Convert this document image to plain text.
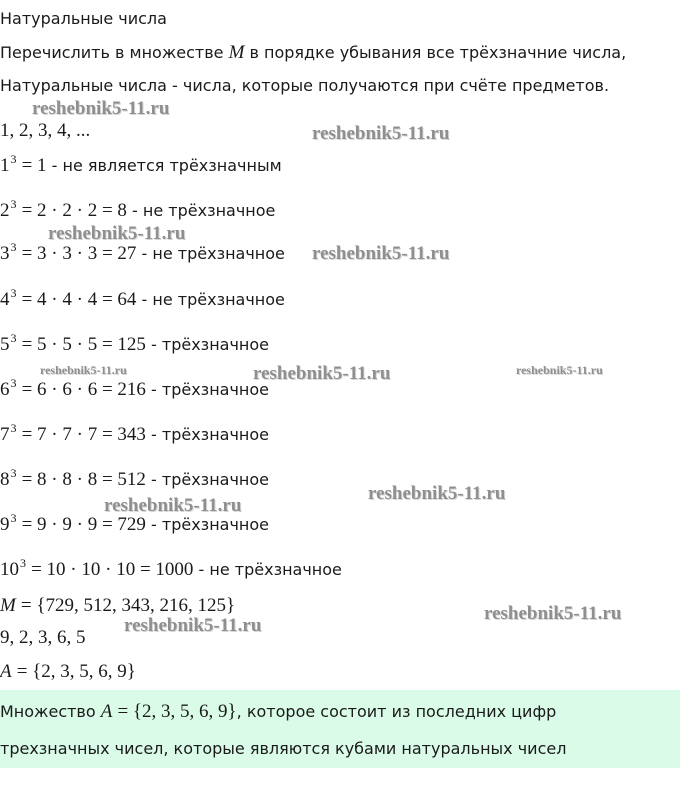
Натуральные числа
Перечислить в множестве M в порядке убывания все трёхзначние числа,
Натуральные числа - числа, которые получаются при счёте предметов.
1, 2, 3, 4, ...
$1^3 = 1$ - не является трёхзначным
$2^3 = 2 \cdot 2 \cdot 2 = 8$ - не трёхзначное
$3^3 = 3 \cdot 3 \cdot 3 = 27$ - не трёхзначное
$4^3 = 4 \cdot 4 \cdot 4 = 64$ - не трёхзначное
$5^3 = 5 \cdot 5 \cdot 5 = 125$ - трёхзначное
$6^3 = 6 \cdot 6 \cdot 6 = 216$ - трёхзначное
$7^3 = 7 \cdot 7 \cdot 7 = 343$ - трёхзначное
$8^3 = 8 \cdot 8 \cdot 8 = 512$ - трёхзначное
$9^3 = 9 \cdot 9 \cdot 9 = 729$ - трёхзначное
$10^3 = 10 \cdot 10 \cdot 10 = 1000$ - не трёхзначное
M = {729, 512, 343, 216, 125}
9, 2, 3, 6, 5
A = {2, 3, 5, 6, 9}
Множество A = {2, 3, 5, 6, 9}, которое состоит из последних цифр
трехзначных чисел, которые являются кубами натуральных чисел
reshebnik5-11.ru
reshebnik5-11.ru
reshebnik5-11.ru
reshebnik5-11.ru
reshebnik5-11.ru	reshebnik5-11.ru	reshebnik5-11.ru
reshebnik5-11.ru
reshebnik5-11.ru
reshebnik5-11.ru
reshebnik5-11.ru
